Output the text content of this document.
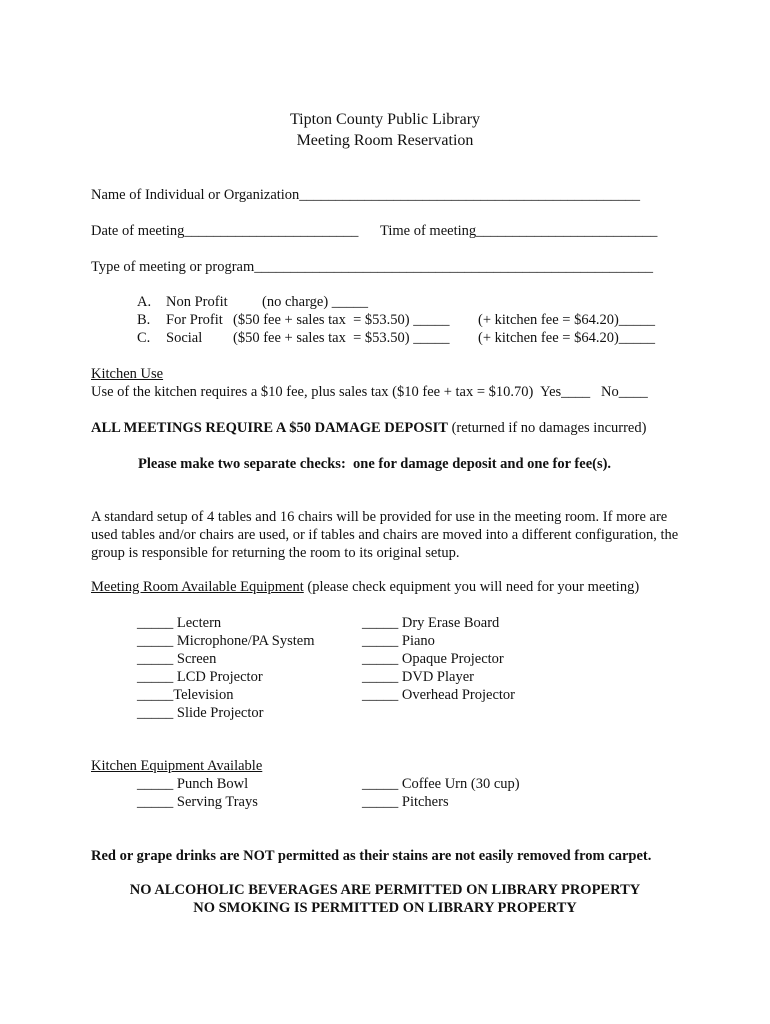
Tipton County Public Library
Meeting Room Reservation
Name of Individual or Organization_______________________________________________
Date of meeting________________________ Time of meeting_________________________
Type of meeting or program_______________________________________________________
A. Non Profit (no charge) _____
B. For Profit ($50 fee + sales tax  = $53.50) _____ (+ kitchen fee = $64.20)_____
C. Social ($50 fee + sales tax  = $53.50) _____ (+ kitchen fee = $64.20)_____
Kitchen Use
Use of the kitchen requires a $10 fee, plus sales tax ($10 fee + tax = $10.70)  Yes____   No____
ALL MEETINGS REQUIRE A $50 DAMAGE DEPOSIT (returned if no damages incurred)
Please make two separate checks:  one for damage deposit and one for fee(s).
A standard setup of 4 tables and 16 chairs will be provided for use in the meeting room. If more are used tables and/or chairs are used, or if tables and chairs are moved into a different configuration, the group is responsible for returning the room to its original setup.
Meeting Room Available Equipment (please check equipment you will need for your meeting)
_____ Lectern
_____ Microphone/PA System
_____ Screen
_____ LCD Projector
_____Television
_____ Slide Projector
_____ Dry Erase Board
_____ Piano
_____ Opaque Projector
_____ DVD Player
_____ Overhead Projector
Kitchen Equipment Available
_____ Punch Bowl
_____ Serving Trays
_____ Coffee Urn (30 cup)
_____ Pitchers
Red or grape drinks are NOT permitted as their stains are not easily removed from carpet.
NO ALCOHOLIC BEVERAGES ARE PERMITTED ON LIBRARY PROPERTY
NO SMOKING IS PERMITTED ON LIBRARY PROPERTY
